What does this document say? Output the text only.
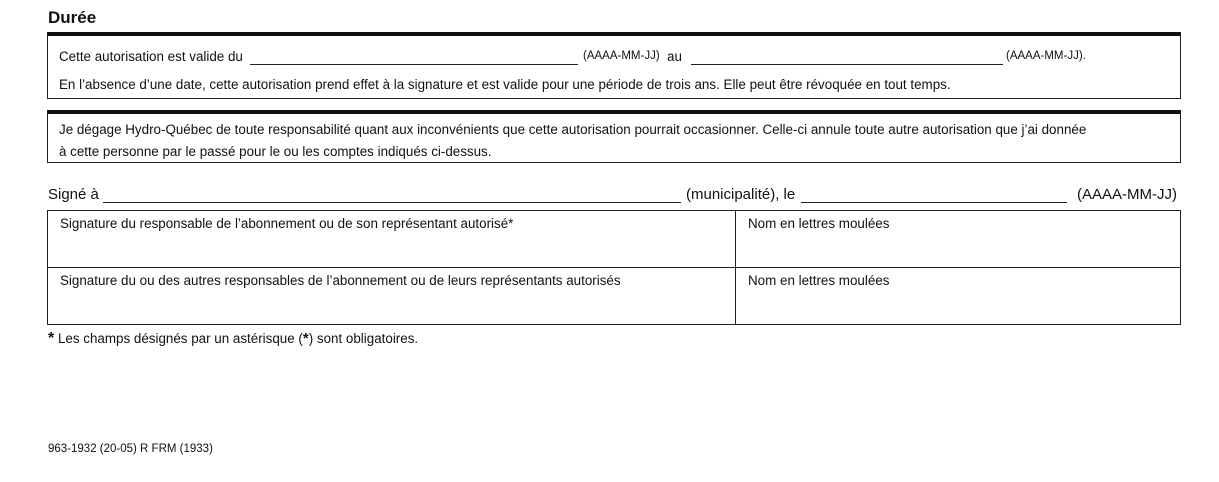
Durée
Cette autorisation est valide du	(AAAA-MM-JJ) au	(AAAA-MM-JJ).
En l’absence d’une date, cette autorisation prend effet à la signature et est valide pour une période de trois ans. Elle peut être révoquée en tout temps.
Je dégage Hydro-Québec de toute responsabilité quant aux inconvénients que cette autorisation pourrait occasionner. Celle-ci annule toute autre autorisation que j’ai donnée
à cette personne par le passé pour le ou les comptes indiqués ci-dessus.
Signé à	(municipalité), le	(AAAA-MM-JJ)
Signature du responsable de l’abonnement ou de son représentant autorisé*	Nom en lettres moulées
Signature du ou des autres responsables de l’abonnement ou de leurs représentants autorisés	Nom en lettres moulées
* Les champs désignés par un astérisque (*) sont obligatoires.
963-1932 (20-05) R FRM (1933)
